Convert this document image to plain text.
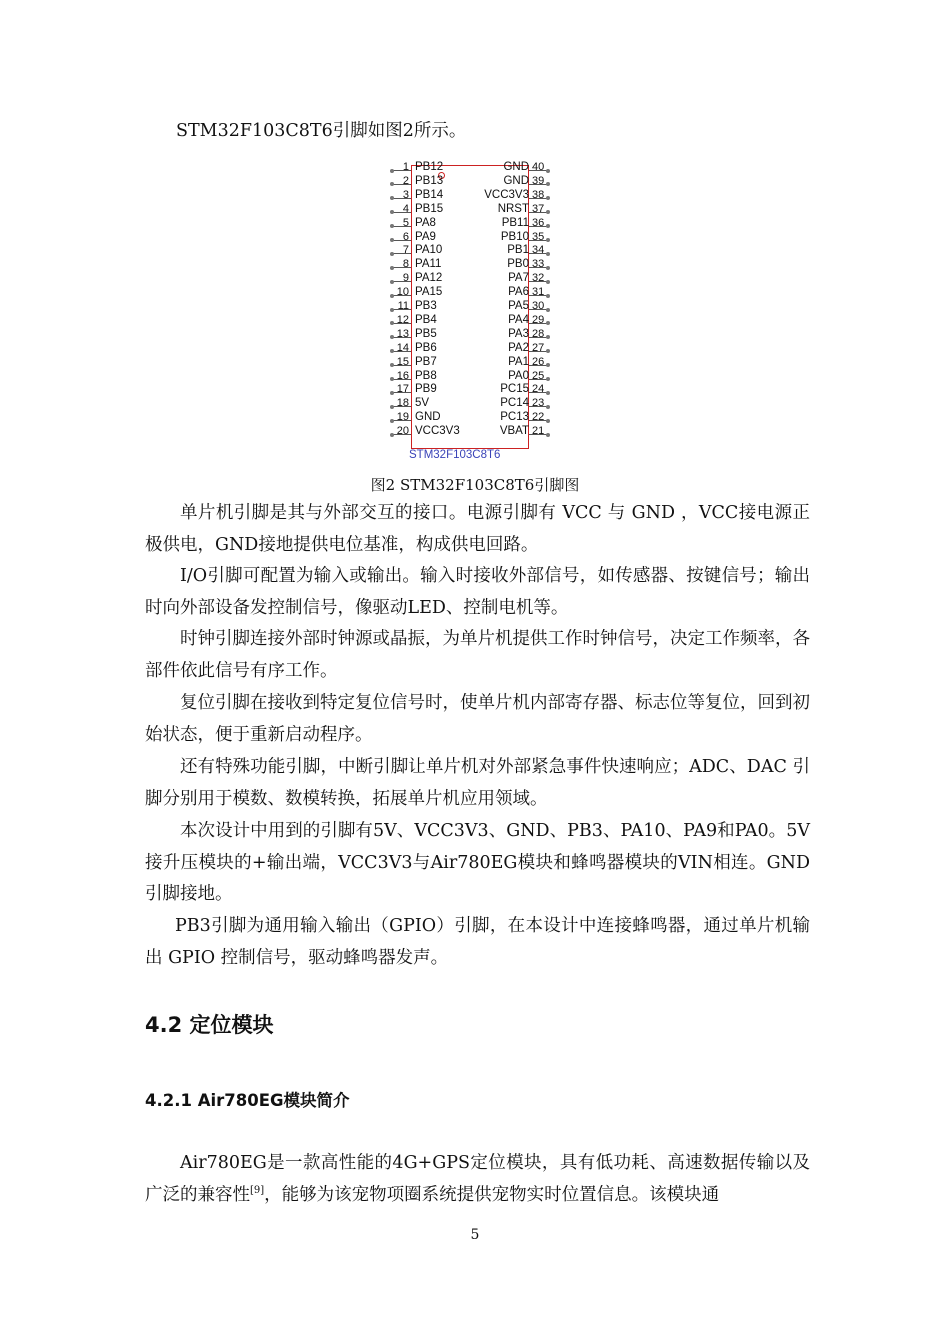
STM32F103C8T6引脚如图2所示。

1 PB12	GND 40
2 PB13	GND 39
3 PB14	VCC3V3 38
4 PB15	NRST 37
5 PA8	PB11 36
6 PA9	PB10 35
7 PA10	PB1 34
8 PA11	PB0 33
9 PA12	PA7 32
10 PA15	PA6 31
11 PB3	PA5 30
12 PB4	PA4 29
13 PB5	PA3 28
14 PB6	PA2 27
15 PB7	PA1 26
16 PB8	PA0 25
17 PB9	PC15 24
18 5V	PC14 23
19 GND	PC13 22
20 VCC3V3	VBAT 21
STM32F103C8T6

图2 STM32F103C8T6引脚图

单片机引脚是其与外部交互的接口。电源引脚有 VCC 与 GND ，VCC接电源正极供电，GND接地提供电位基准，构成供电回路。

I/O引脚可配置为输入或输出。输入时接收外部信号，如传感器、按键信号；输出时向外部设备发控制信号，像驱动LED、控制电机等。

时钟引脚连接外部时钟源或晶振，为单片机提供工作时钟信号，决定工作频率，各部件依此信号有序工作。

复位引脚在接收到特定复位信号时，使单片机内部寄存器、标志位等复位，回到初始状态，便于重新启动程序。

还有特殊功能引脚，中断引脚让单片机对外部紧急事件快速响应；ADC、DAC 引脚分别用于模数、数模转换，拓展单片机应用领域。

本次设计中用到的引脚有5V、VCC3V3、GND、PB3、PA10、PA9和PA0。5V接升压模块的+输出端，VCC3V3与Air780EG模块和蜂鸣器模块的VIN相连。GND引脚接地。

PB3引脚为通用输入输出（GPIO）引脚，在本设计中连接蜂鸣器，通过单片机输出 GPIO 控制信号，驱动蜂鸣器发声。

4.2 定位模块
4.2.1 Air780EG模块简介

Air780EG是一款高性能的4G+GPS定位模块，具有低功耗、高速数据传输以及广泛的兼容性[9]，能够为该宠物项圈系统提供宠物实时位置信息。该模块通

5
